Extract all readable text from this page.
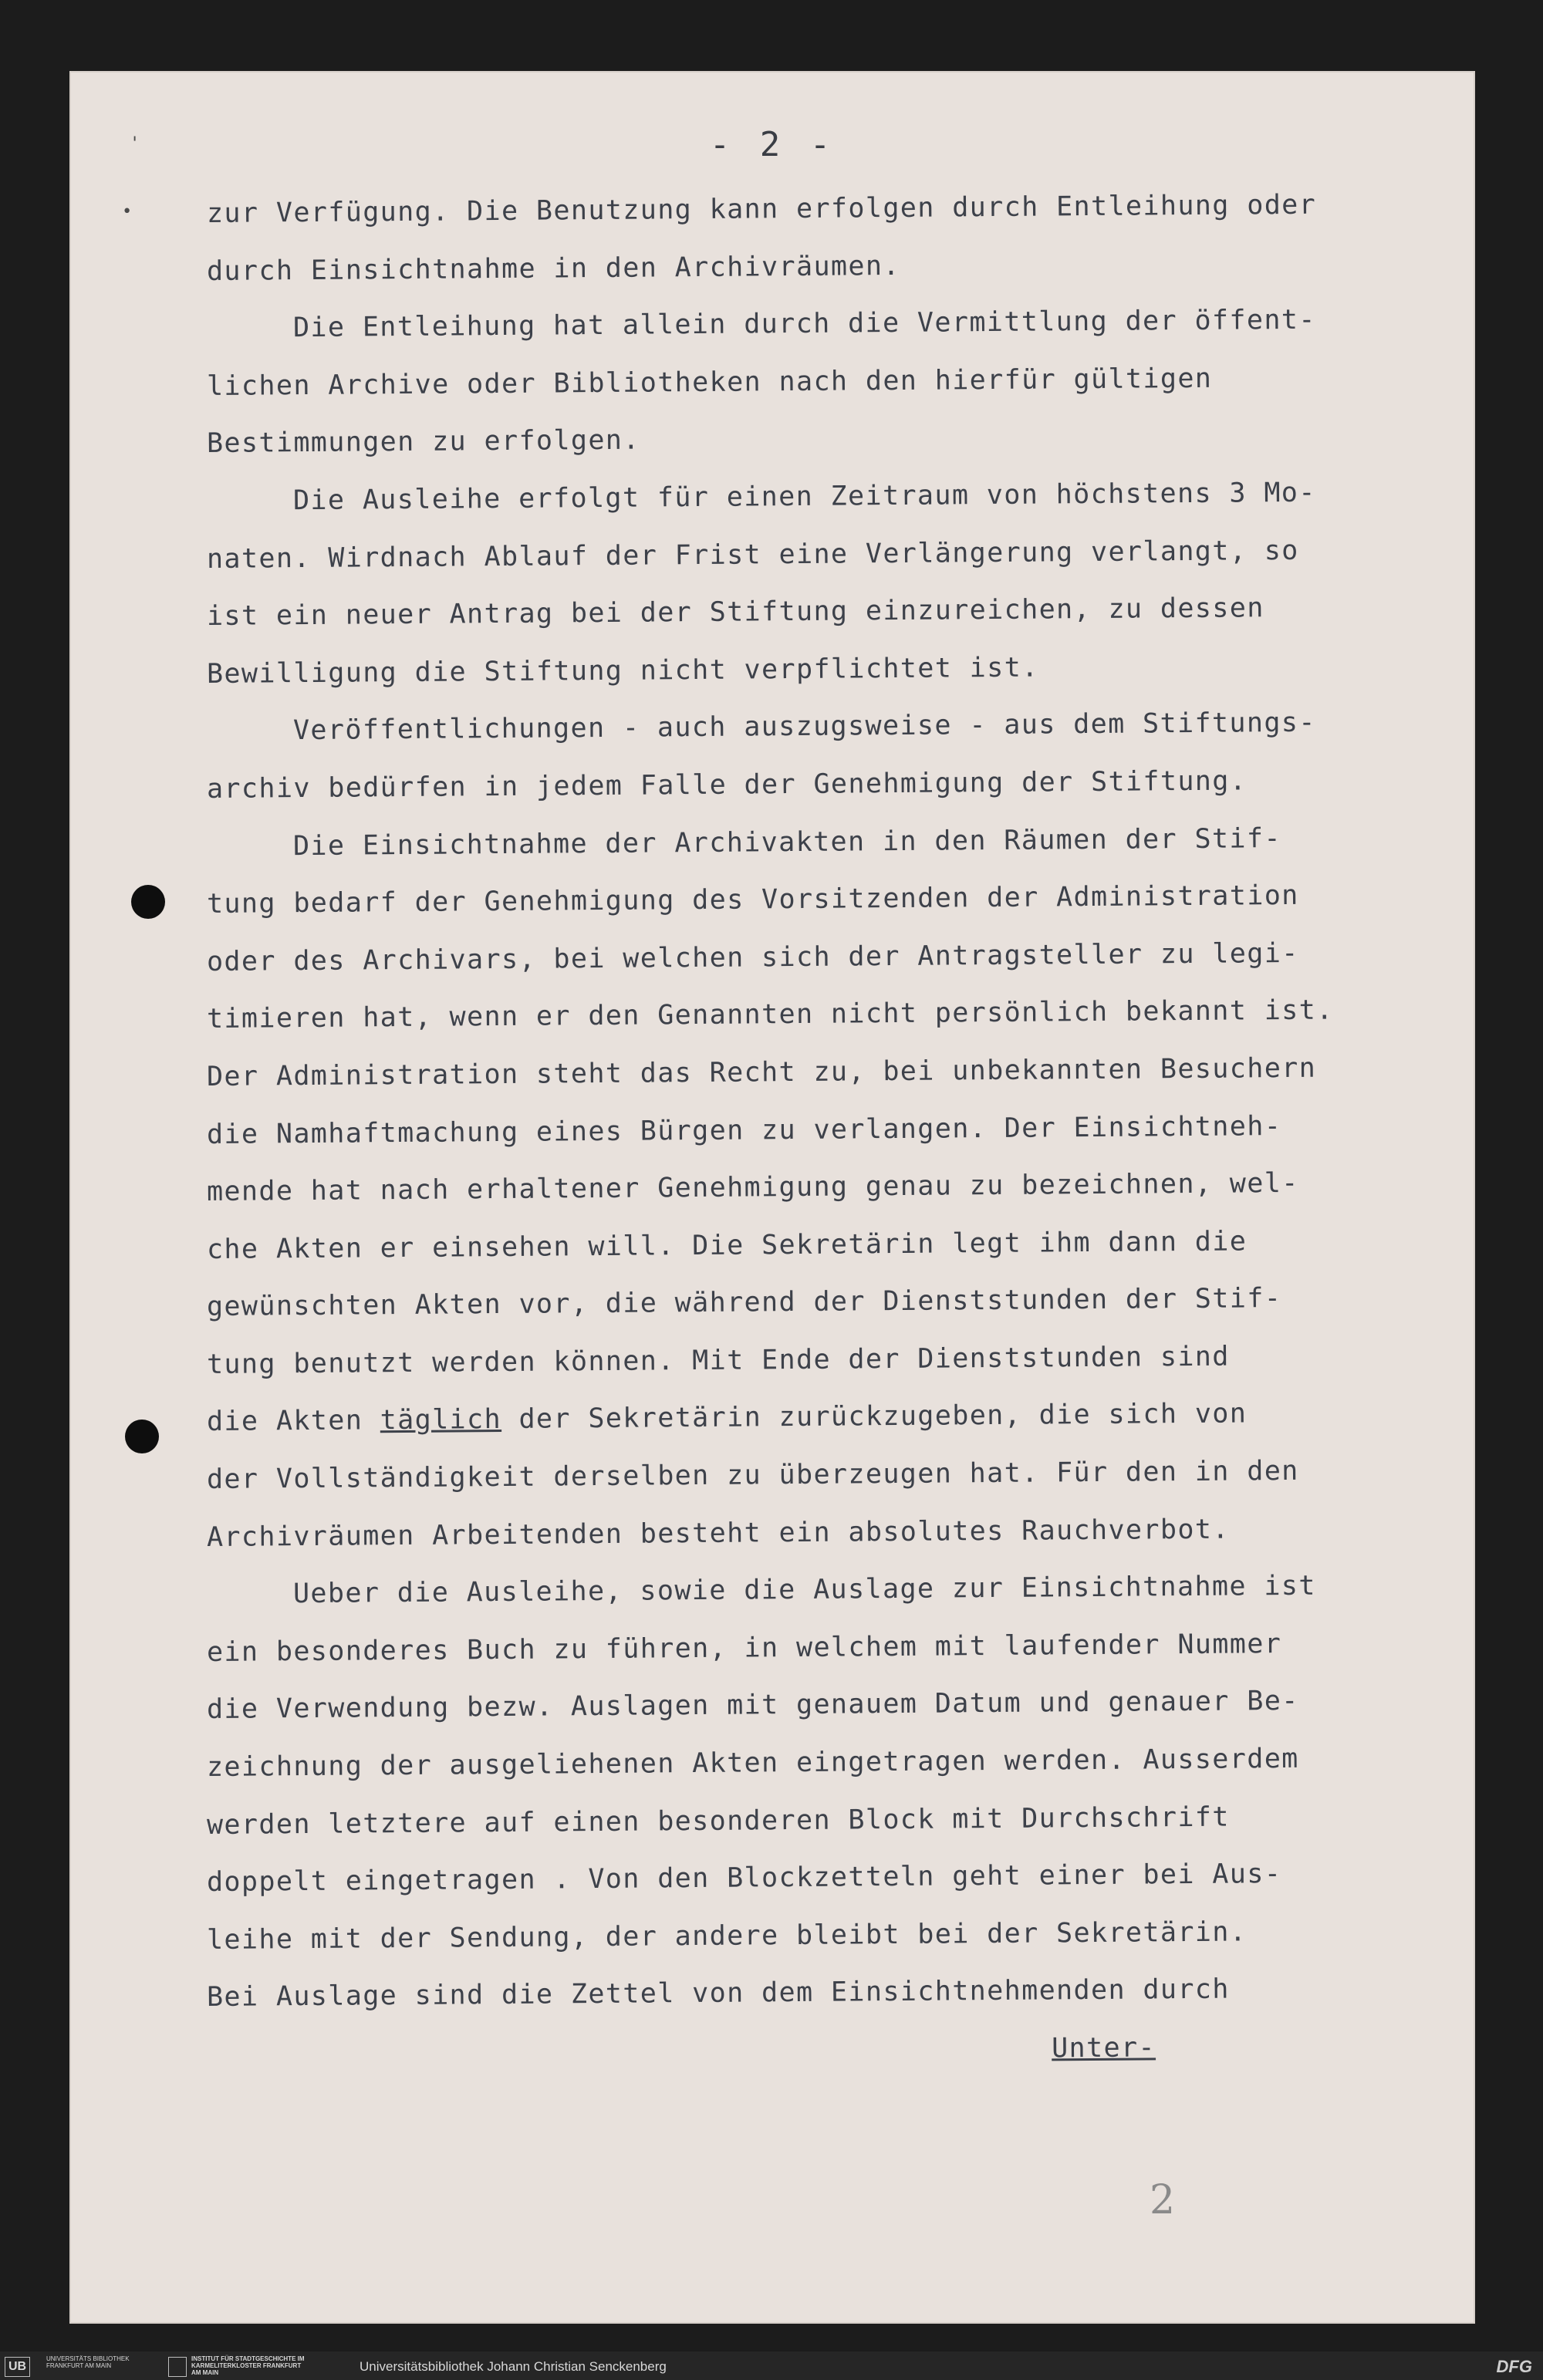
'
•
- 2 -
zur Verfügung. Die Benutzung kann erfolgen durch Entleihung oder
durch Einsichtnahme in den Archivräumen.
Die Entleihung hat allein durch die Vermittlung der öffent-
lichen Archive oder Bibliotheken nach den hierfür gültigen
Bestimmungen zu erfolgen.
Die Ausleihe erfolgt für einen Zeitraum von höchstens 3 Mo-
naten. Wirdnach Ablauf der Frist eine Verlängerung verlangt, so
ist ein neuer Antrag bei der Stiftung einzureichen, zu dessen
Bewilligung die Stiftung nicht verpflichtet ist.
Veröffentlichungen - auch auszugsweise - aus dem Stiftungs-
archiv bedürfen in jedem Falle der Genehmigung der Stiftung.
Die Einsichtnahme der Archivakten in den Räumen der Stif-
tung bedarf der Genehmigung des Vorsitzenden der Administration
oder des Archivars, bei welchen sich der Antragsteller zu legi-
timieren hat, wenn er den Genannten nicht persönlich bekannt ist.
Der Administration steht das Recht zu, bei unbekannten Besuchern
die Namhaftmachung eines Bürgen zu verlangen. Der Einsichtneh-
mende hat nach erhaltener Genehmigung genau zu bezeichnen, wel-
che Akten er einsehen will. Die Sekretärin legt ihm dann die
gewünschten Akten vor, die während der Dienststunden der Stif-
tung benutzt werden können. Mit Ende der Dienststunden sind
die Akten täglich der Sekretärin zurückzugeben, die sich von
der Vollständigkeit derselben zu überzeugen hat. Für den in den
Archivräumen Arbeitenden besteht ein absolutes Rauchverbot.
Ueber die Ausleihe, sowie die Auslage zur Einsichtnahme ist
ein besonderes Buch zu führen, in welchem mit laufender Nummer
die Verwendung bezw. Auslagen mit genauem Datum und genauer Be-
zeichnung der ausgeliehenen Akten eingetragen werden. Ausserdem
werden letztere auf einen besonderen Block mit Durchschrift
doppelt eingetragen . Von den Blockzetteln geht einer bei Aus-
leihe mit der Sendung, der andere bleibt bei der Sekretärin.
Bei Auslage sind die Zettel von dem Einsichtnehmenden durch
Unter-
2
UB
UNIVERSITÄTS BIBLIOTHEK FRANKFURT AM MAIN
INSTITUT FÜR STADTGESCHICHTE IM KARMELITERKLOSTER FRANKFURT AM MAIN	Universitätsbibliothek Johann Christian Senckenberg	DFG
